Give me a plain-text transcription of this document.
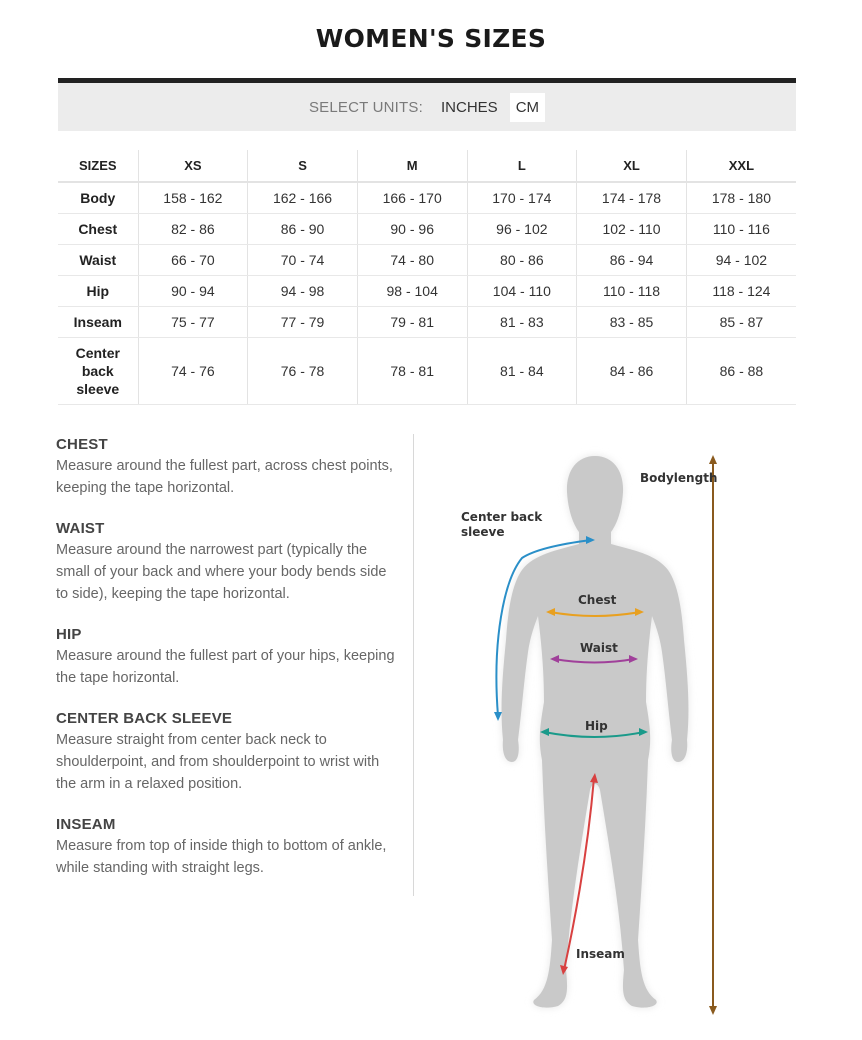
WOMEN'S SIZES
SELECT UNITS:	INCHES	CM
SIZES	XS	S	M	L	XL	XXL
Body	158 - 162	162 - 166	166 - 170	170 - 174	174 - 178	178 - 180
Chest	82 - 86	86 - 90	90 - 96	96 - 102	102 - 110	110 - 116
Waist	66 - 70	70 - 74	74 - 80	80 - 86	86 - 94	94 - 102
Hip	90 - 94	94 - 98	98 - 104	104 - 110	110 - 118	118 - 124
Inseam	75 - 77	77 - 79	79 - 81	81 - 83	83 - 85	85 - 87
Center
back
sleeve	74 - 76	76 - 78	78 - 81	81 - 84	84 - 86	86 - 88
CHEST
Measure around the fullest part, across chest points, keeping the tape horizontal.
WAIST
Measure around the narrowest part (typically the small of your back and where your body bends side to side), keeping the tape horizontal.
HIP
Measure around the fullest part of your hips, keeping the tape horizontal.
CENTER BACK SLEEVE
Measure straight from center back neck to shoulderpoint, and from shoulderpoint to wrist with the arm in a relaxed position.
INSEAM
Measure from top of inside thigh to bottom of ankle, while standing with straight legs.
Bodylength
Center back
sleeve
Chest
Waist
Hip
Inseam
